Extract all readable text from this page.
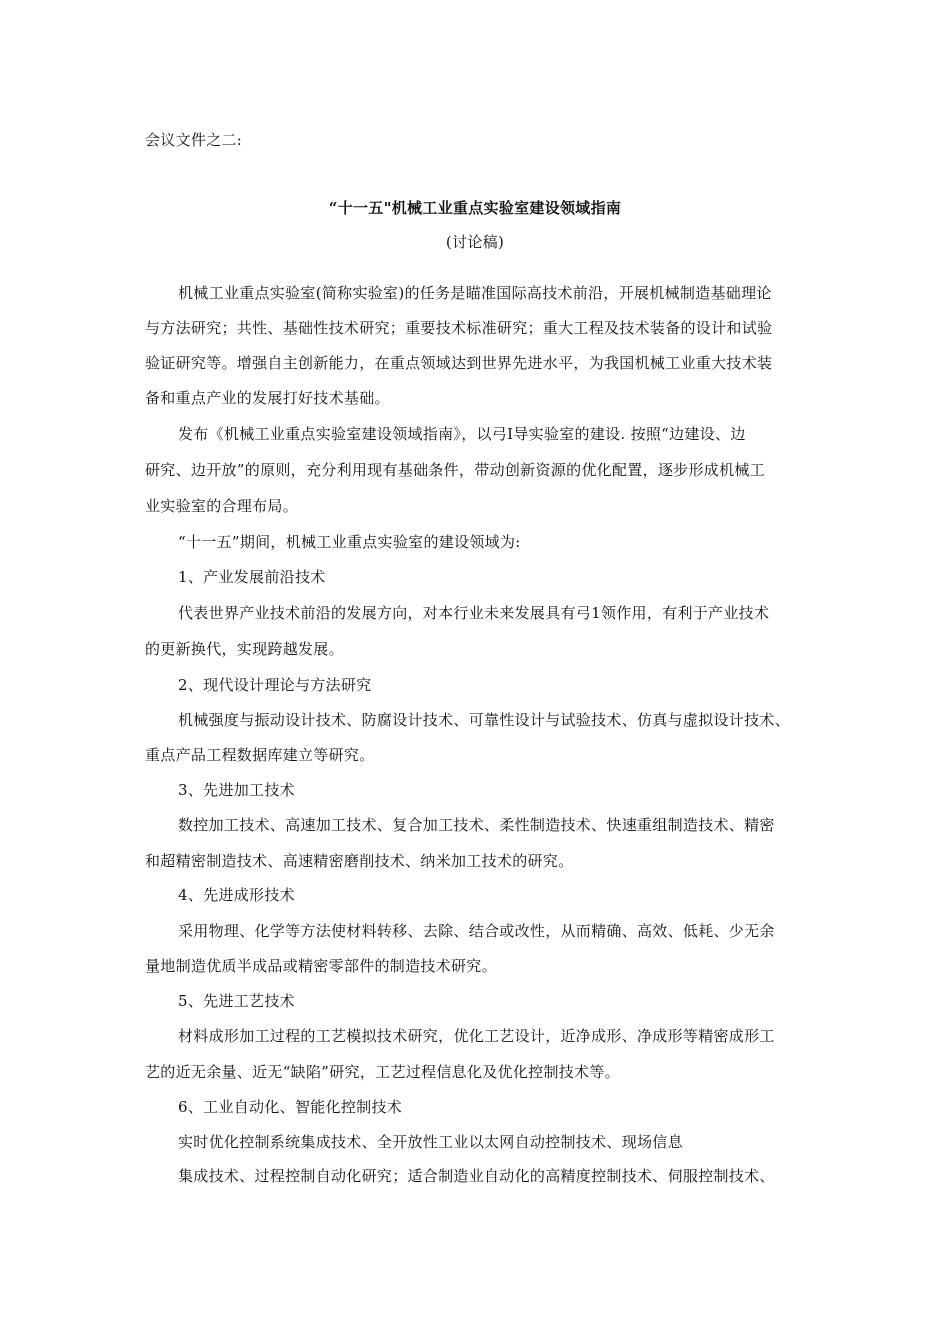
会议文件之二:
“十一五"机械工业重点实验室建设领域指南
(讨论稿)
机械工业重点实验室(简称实验室)的任务是瞄准国际高技术前沿，开展机械制造基础理论
与方法研究；共性、基础性技术研究；重要技术标准研究；重大工程及技术装备的设计和试验
验证研究等。增强自主创新能力，在重点领域达到世界先进水平，为我国机械工业重大技术装
备和重点产业的发展打好技术基础。
发布《机械工业重点实验室建设领域指南》，以弓I导实验室的建设. 按照“边建设、边
研究、边开放”的原则，充分利用现有基础条件，带动创新资源的优化配置，逐步形成机械工
业实验室的合理布局。
“十一五”期间，机械工业重点实验室的建设领域为:
1、产业发展前沿技术
代表世界产业技术前沿的发展方向，对本行业未来发展具有弓1领作用，有利于产业技术
的更新换代，实现跨越发展。
2、现代设计理论与方法研究
机械强度与振动设计技术、防腐设计技术、可靠性设计与试验技术、仿真与虚拟设计技术、
重点产品工程数据库建立等研究。
3、先进加工技术
数控加工技术、高速加工技术、复合加工技术、柔性制造技术、快速重组制造技术、精密
和超精密制造技术、高速精密磨削技术、纳米加工技术的研究。
4、先进成形技术
采用物理、化学等方法使材料转移、去除、结合或改性，从而精确、高效、低耗、少无余
量地制造优质半成品或精密零部件的制造技术研究。
5、先进工艺技术
材料成形加工过程的工艺模拟技术研究，优化工艺设计，近净成形、净成形等精密成形工
艺的近无余量、近无“缺陷”研究，工艺过程信息化及优化控制技术等。
6、工业自动化、智能化控制技术
实时优化控制系统集成技术、全开放性工业以太网自动控制技术、现场信息
集成技术、过程控制自动化研究；适合制造业自动化的高精度控制技术、伺服控制技术、
